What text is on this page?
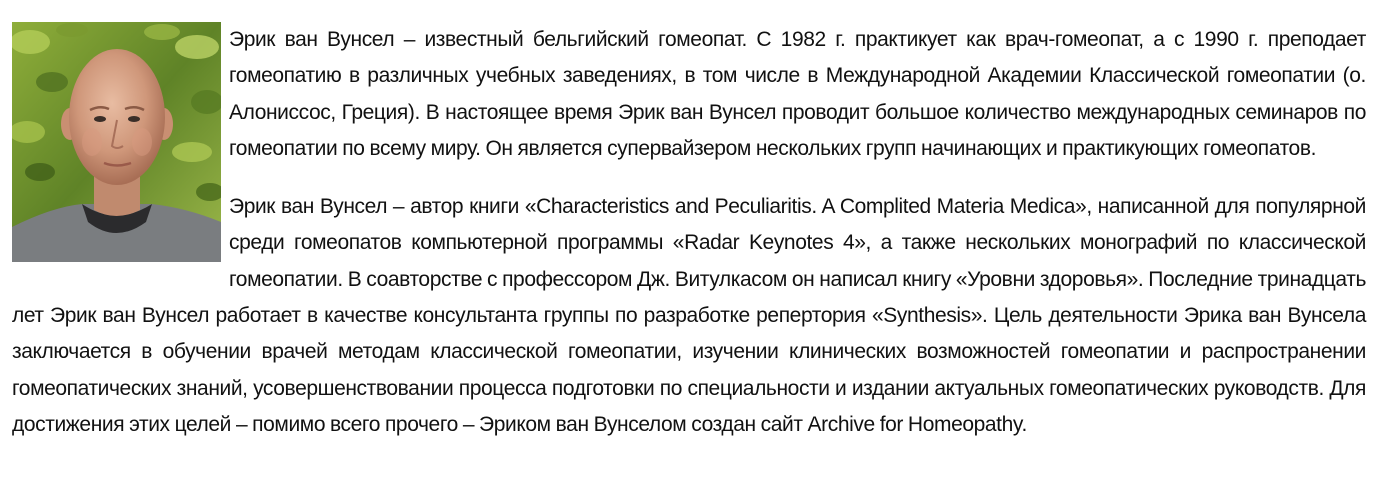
Эрик ван Вунсел – известный бельгийский гомеопат. С 1982 г. практикует как врач-гомеопат, а с 1990 г. преподает гомеопатию в различных учебных заведениях, в том числе в Международной Академии Классической гомеопатии (о. Алониссос, Греция). В настоящее время Эрик ван Вунсел проводит большое количество международных семинаров по гомеопатии по всему миру. Он является супервайзером нескольких групп начинающих и практикующих гомеопатов.

Эрик ван Вунсел – автор книги «Characteristics and Peculiaritis. A Complited Materia Medica», написанной для популярной среди гомеопатов компьютерной программы «Radar Keynotes 4», а также нескольких монографий по классической гомеопатии. В соавторстве с профессором Дж. Витулкасом он написал книгу «Уровни здоровья». Последние тринадцать лет Эрик ван Вунсел работает в качестве консультанта группы по разработке репертория «Synthesis». Цель деятельности Эрика ван Вунсела заключается в обучении врачей методам классической гомеопатии, изучении клинических возможностей гомеопатии и распространении гомеопатических знаний, усовершенствовании процесса подготовки по специальности и издании актуальных гомеопатических руководств. Для достижения этих целей – помимо всего прочего – Эриком ван Вунселом создан сайт Archive for Homeopathy.
